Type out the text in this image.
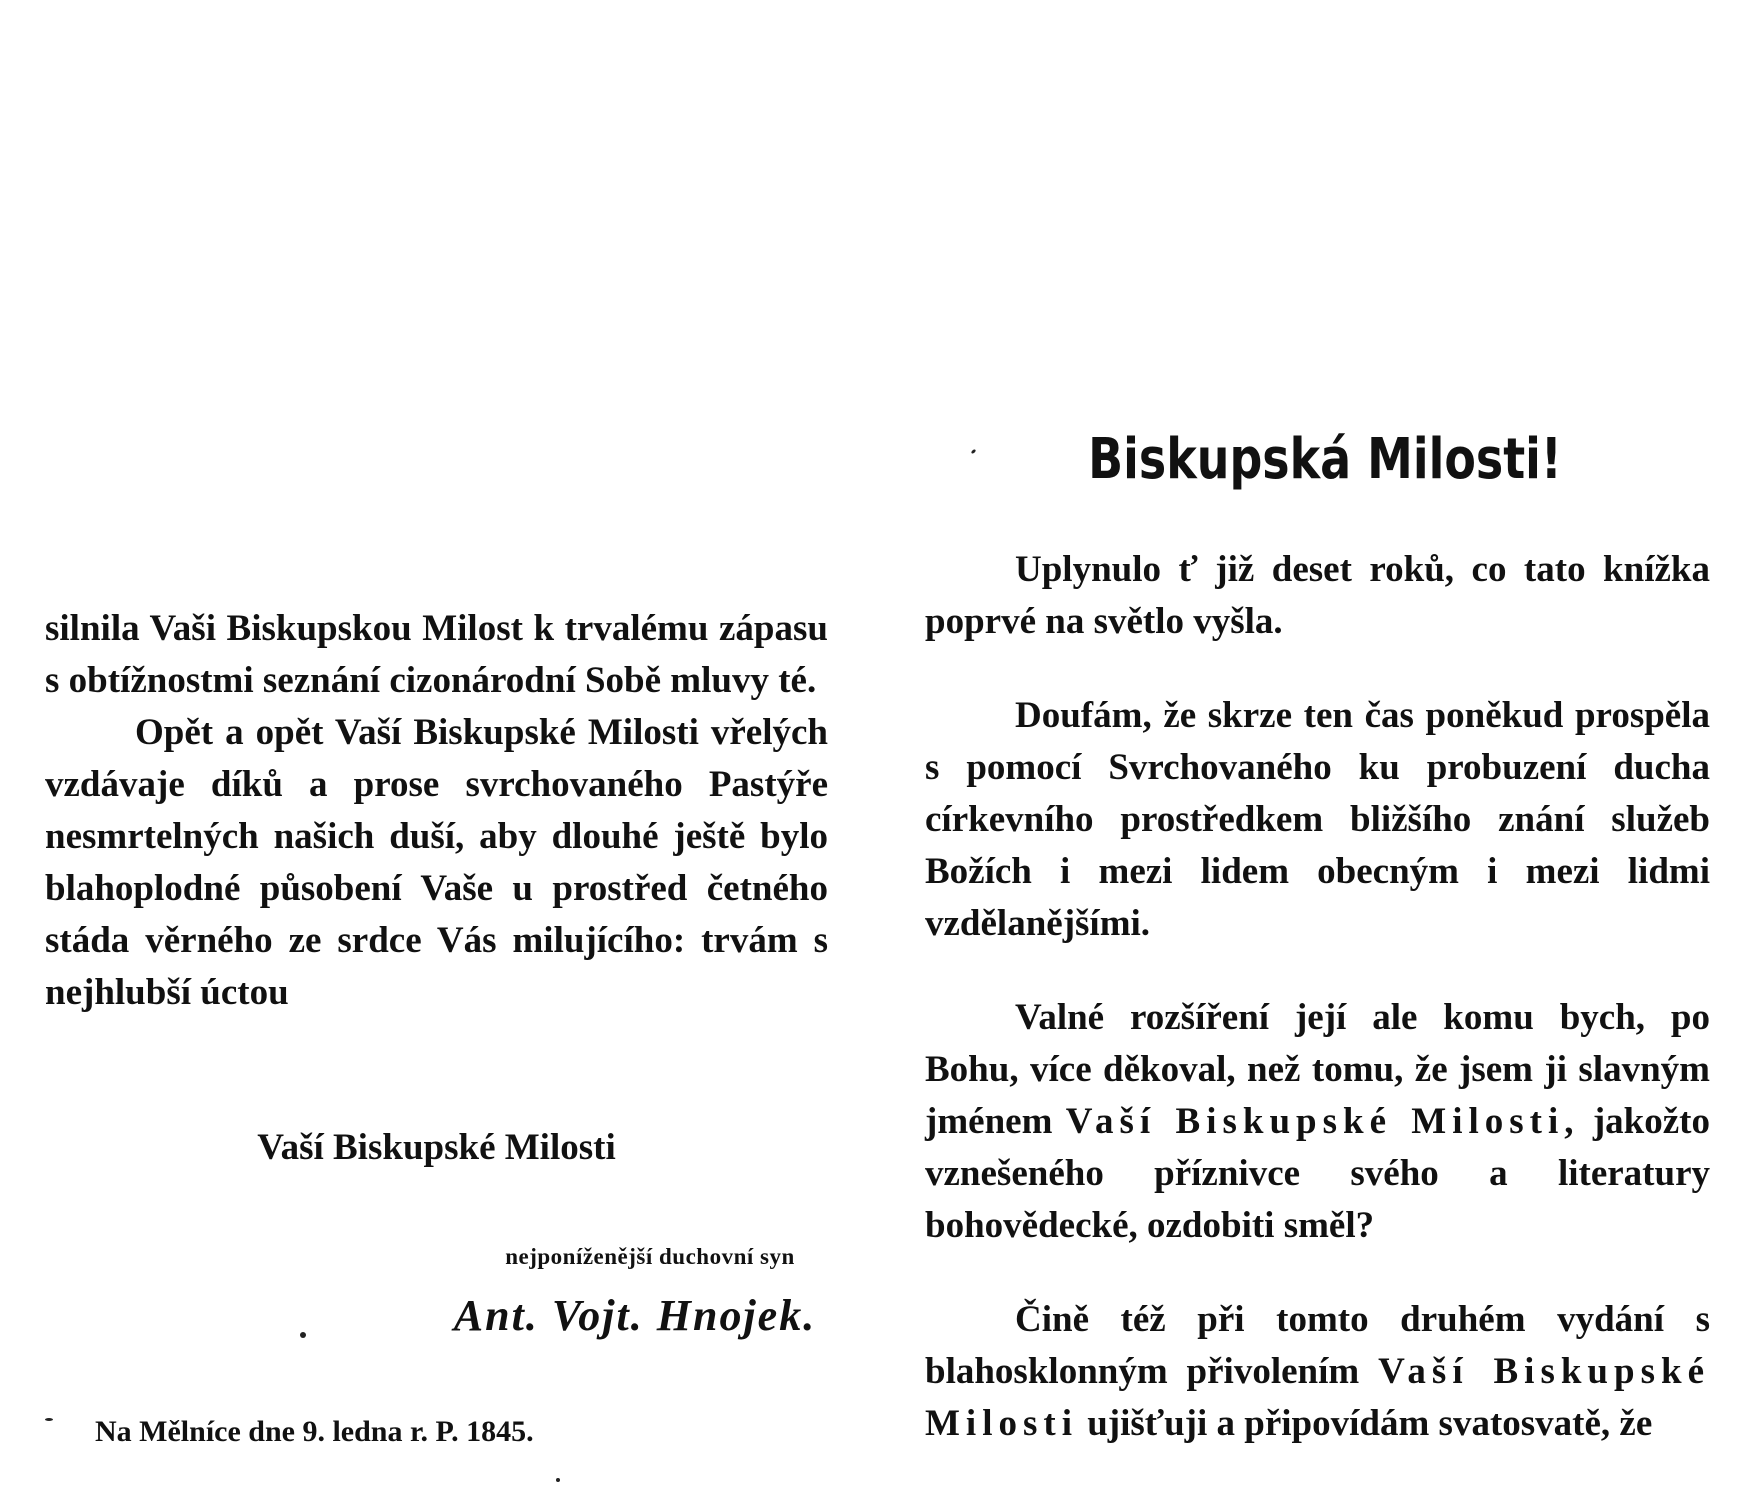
silnila Vaši Biskupskou Milost k trvalému zápasu s obtížnostmi seznání cizonárodní Sobě mluvy té.

Opět a opět Vaší Biskupské Milosti vřelých vzdávaje díků a prose svrchovaného Pastýře nesmrtelných našich duší, aby dlouhé ještě bylo blahoplodné působení Vaše u prostřed četného stáda věrného ze srdce Vás milujícího: trvám s nejhlubší úctou

Vaší Biskupské Milosti
nejponíženější duchovní syn
Ant. Vojt. Hnojek.
Na Mělníce dne 9. ledna r. P. 1845.
Biskupská Milosti!

Uplynulo ť již deset roků, co tato knížka poprvé na světlo vyšla.

Doufám, že skrze ten čas poněkud prospěla s pomocí Svrchovaného ku probuzení ducha církevního prostředkem bližšího znání služeb Božích i mezi lidem obecným i mezi lidmi vzdělanějšími.

Valné rozšíření její ale komu bych, po Bohu, více děkoval, než tomu, že jsem ji slavným jménem Vaší Biskupské Milosti, jakožto vznešeného příznivce svého a literatury bohovědecké, ozdobiti směl?

Čině též při tomto druhém vydání s blahosklonným přivolením Vaší Biskupské Milosti ujišťuji a připovídám svatosvatě, že
